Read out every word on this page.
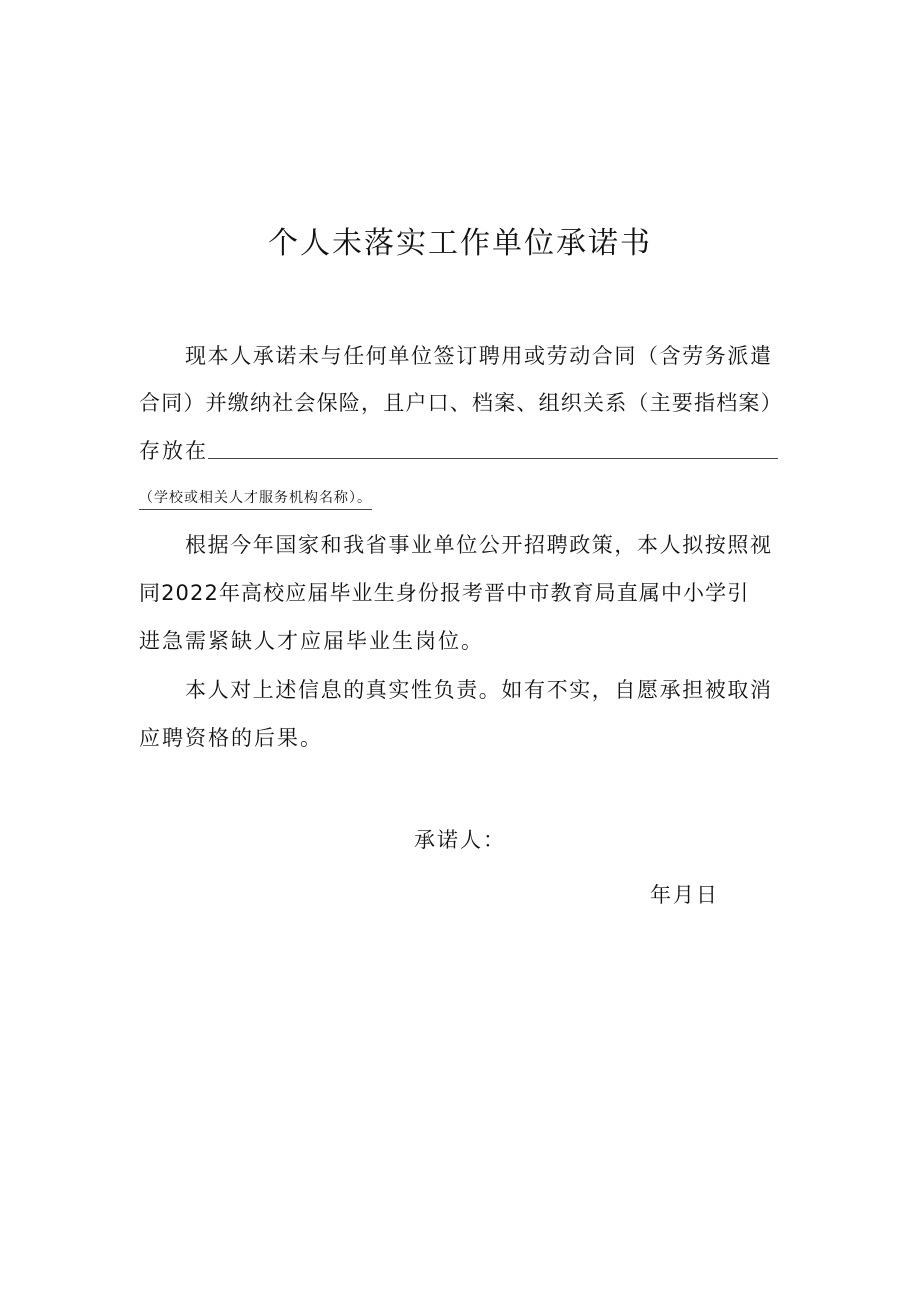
个人未落实工作单位承诺书
现本人承诺未与任何单位签订聘用或劳动合同（含劳务派遣
合同）并缴纳社会保险，且户口、档案、组织关系（主要指档案）
存放在
（学校或相关人才服务机构名称）。
根据今年国家和我省事业单位公开招聘政策，本人拟按照视
同2022年高校应届毕业生身份报考晋中市教育局直属中小学引
进急需紧缺人才应届毕业生岗位。
本人对上述信息的真实性负责。如有不实，自愿承担被取消
应聘资格的后果。
承诺人：
年月日
